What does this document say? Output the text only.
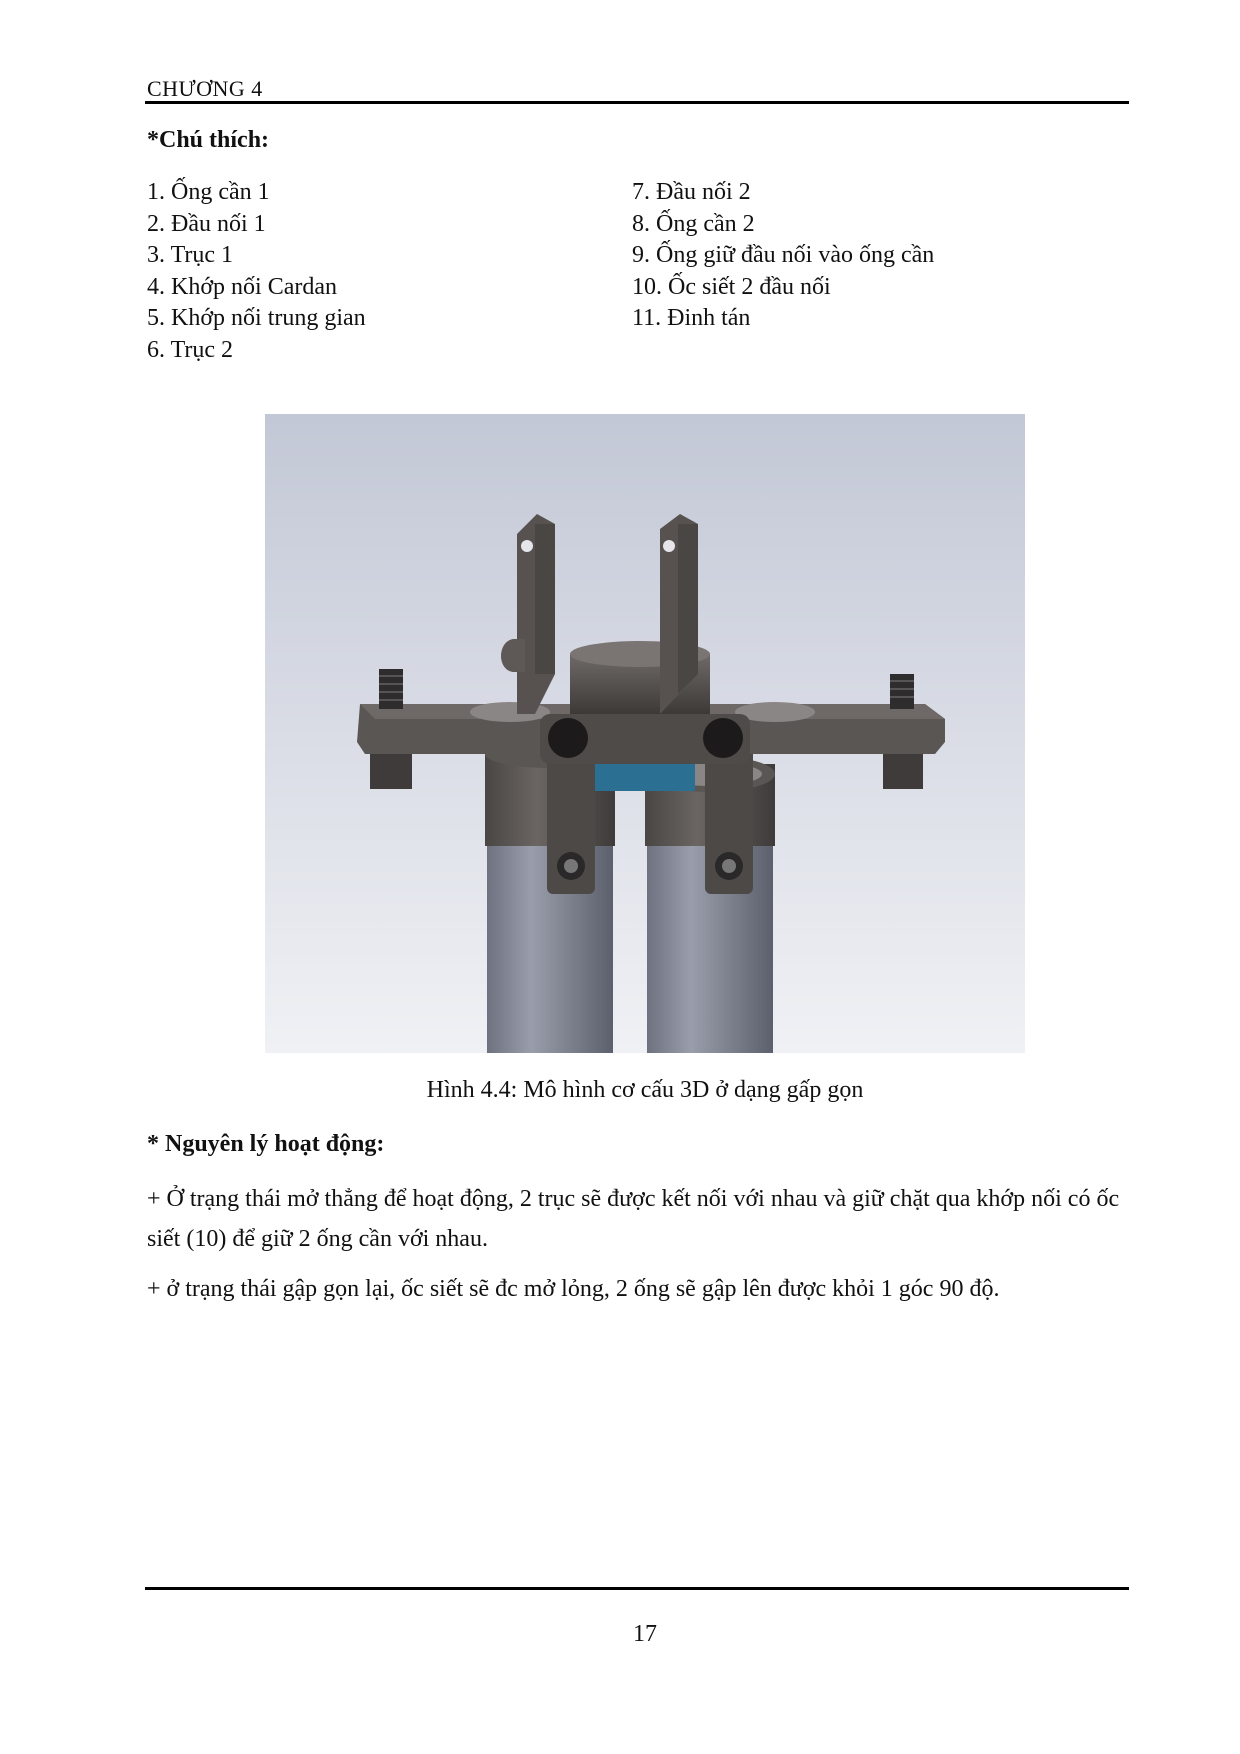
CHƯƠNG 4
*Chú thích:
1. Ống cần 1
2. Đầu nối 1
3. Trục 1
4. Khớp nối Cardan
5. Khớp nối trung gian
6. Trục 2
7. Đầu nối 2
8. Ống cần 2
9. Ống giữ đầu nối vào ống cần
10. Ốc siết 2 đầu nối
11. Đinh tán
Hình 4.4: Mô hình cơ cấu 3D ở dạng gấp gọn
* Nguyên lý hoạt động:
+ Ở trạng thái mở thẳng để hoạt động, 2 trục sẽ được kết nối với nhau và giữ chặt qua khớp nối có ốc siết (10) để giữ 2 ống cần với nhau.
+ ở trạng thái gập gọn lại, ốc siết sẽ đc mở lỏng, 2 ống sẽ gập lên được khỏi 1 góc 90 độ.
17
